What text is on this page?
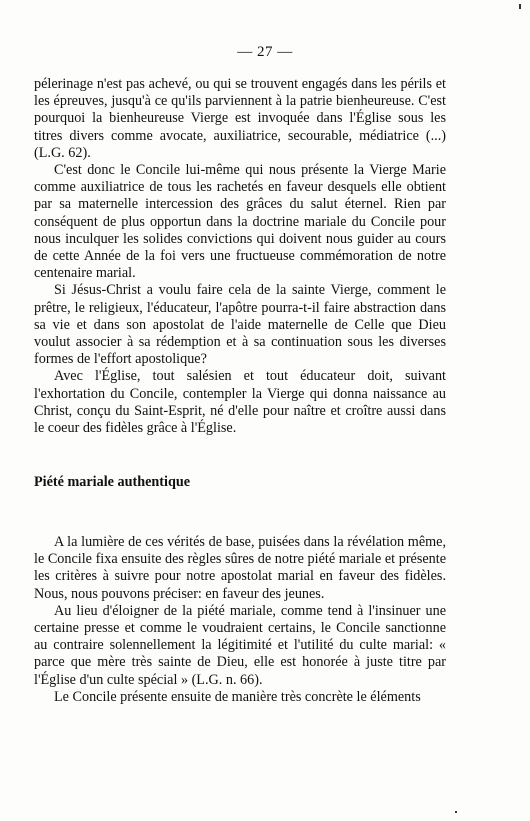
— 27 —

pélerinage n'est pas achevé, ou qui se trouvent engagés dans les périls et les épreuves, jusqu'à ce qu'ils parviennent à la patrie bienheureuse. C'est pourquoi la bienheureuse Vierge est invoquée dans l'Église sous les titres divers comme avocate, auxiliatrice, secourable, médiatrice (...) (L.G. 62).

C'est donc le Concile lui-même qui nous présente la Vierge Marie comme auxiliatrice de tous les rachetés en faveur desquels elle obtient par sa maternelle intercession des grâces du salut éternel. Rien par conséquent de plus opportun dans la doctrine mariale du Concile pour nous inculquer les solides convictions qui doivent nous guider au cours de cette Année de la foi vers une fructueuse commémoration de notre centenaire marial.

Si Jésus-Christ a voulu faire cela de la sainte Vierge, comment le prêtre, le religieux, l'éducateur, l'apôtre pourra-t-il faire abstraction dans sa vie et dans son apostolat de l'aide maternelle de Celle que Dieu voulut associer à sa rédemption et à sa continuation sous les diverses formes de l'effort apostolique?

Avec l'Église, tout salésien et tout éducateur doit, suivant l'exhortation du Concile, contempler la Vierge qui donna naissance au Christ, conçu du Saint-Esprit, né d'elle pour naître et croître aussi dans le coeur des fidèles grâce à l'Église.

Piété mariale authentique

A la lumière de ces vérités de base, puisées dans la révélation même, le Concile fixa ensuite des règles sûres de notre piété mariale et présente les critères à suivre pour notre apostolat marial en faveur des fidèles. Nous, nous pouvons préciser: en faveur des jeunes.

Au lieu d'éloigner de la piété mariale, comme tend à l'insinuer une certaine presse et comme le voudraient certains, le Concile sanctionne au contraire solennellement la légitimité et l'utilité du culte marial: « parce que mère très sainte de Dieu, elle est honorée à juste titre par l'Église d'un culte spécial » (L.G. n. 66).

Le Concile présente ensuite de manière très concrète le éléments
